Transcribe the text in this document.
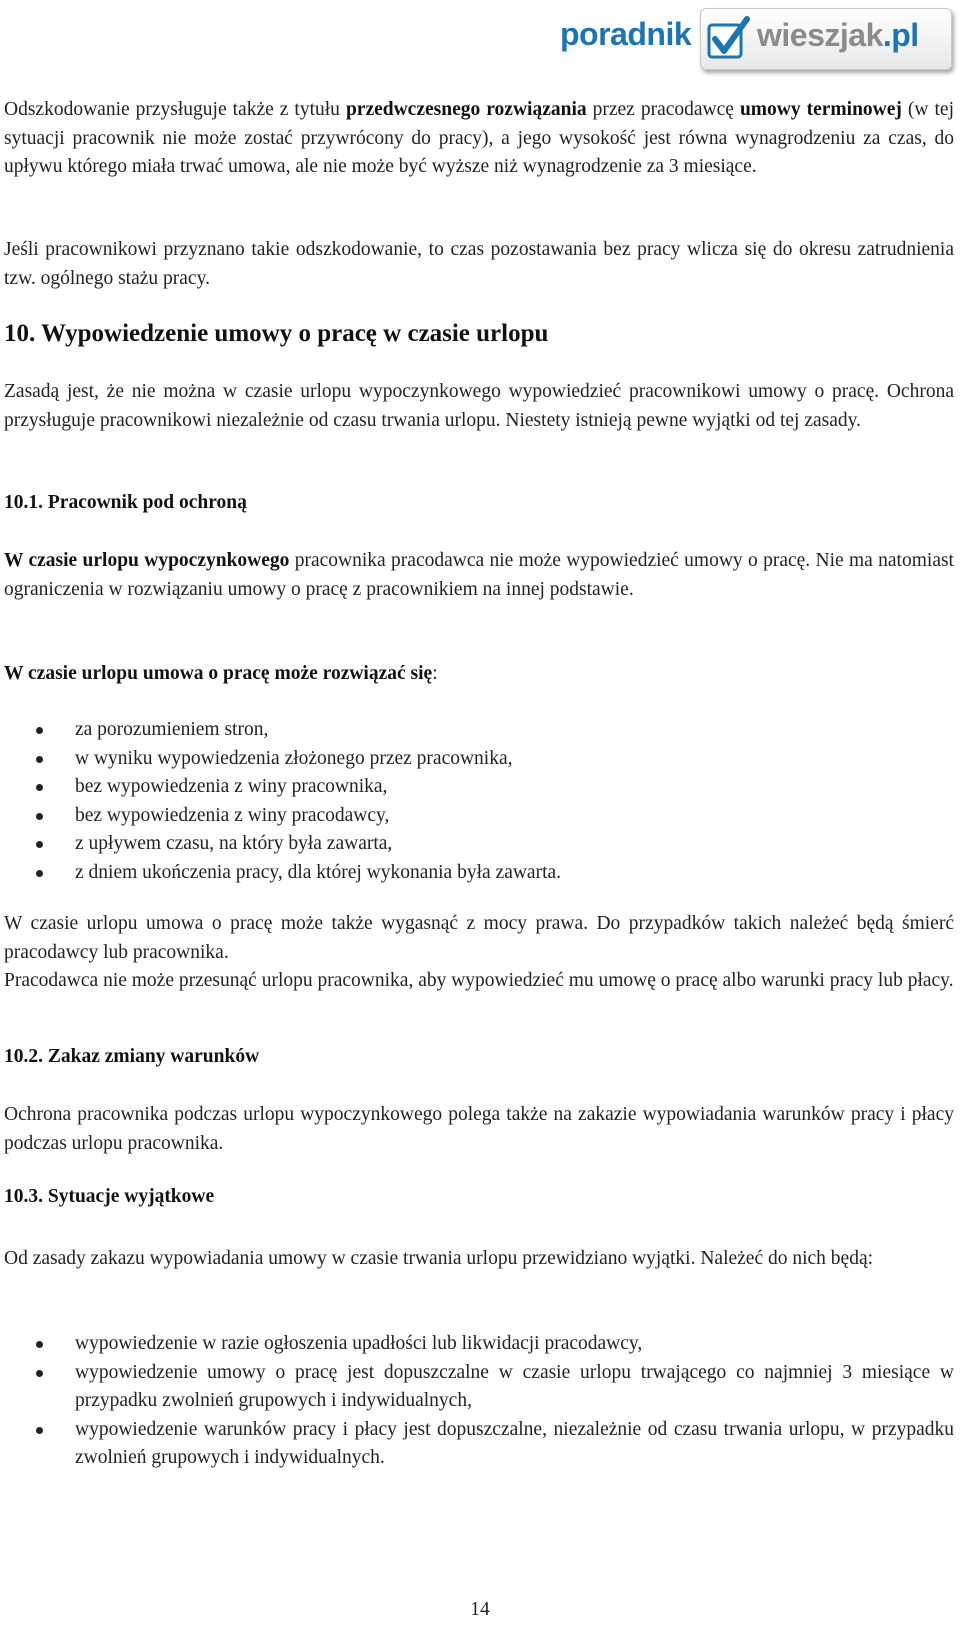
poradnik wieszjak.pl

Odszkodowanie przysługuje także z tytułu przedwczesnego rozwiązania przez pracodawcę umowy terminowej (w tej sytuacji pracownik nie może zostać przywrócony do pracy), a jego wysokość jest równa wynagrodzeniu za czas, do upływu którego miała trwać umowa, ale nie może być wyższe niż wynagrodzenie za 3 miesiące.

Jeśli pracownikowi przyznano takie odszkodowanie, to czas pozostawania bez pracy wlicza się do okresu zatrudnienia tzw. ogólnego stażu pracy.

10. Wypowiedzenie umowy o pracę w czasie urlopu

Zasadą jest, że nie można w czasie urlopu wypoczynkowego wypowiedzieć pracownikowi umowy o pracę. Ochrona przysługuje pracownikowi niezależnie od czasu trwania urlopu. Niestety istnieją pewne wyjątki od tej zasady.

10.1. Pracownik pod ochroną

W czasie urlopu wypoczynkowego pracownika pracodawca nie może wypowiedzieć umowy o pracę. Nie ma natomiast ograniczenia w rozwiązaniu umowy o pracę z pracownikiem na innej podstawie.

W czasie urlopu umowa o pracę może rozwiązać się:

za porozumieniem stron,
w wyniku wypowiedzenia złożonego przez pracownika,
bez wypowiedzenia z winy pracownika,
bez wypowiedzenia z winy pracodawcy,
z upływem czasu, na który była zawarta,
z dniem ukończenia pracy, dla której wykonania była zawarta.

W czasie urlopu umowa o pracę może także wygasnąć z mocy prawa. Do przypadków takich należeć będą śmierć pracodawcy lub pracownika.

Pracodawca nie może przesunąć urlopu pracownika, aby wypowiedzieć mu umowę o pracę albo warunki pracy lub płacy.

10.2. Zakaz zmiany warunków

Ochrona pracownika podczas urlopu wypoczynkowego polega także na zakazie wypowiadania warunków pracy i płacy podczas urlopu pracownika.

10.3. Sytuacje wyjątkowe

Od zasady zakazu wypowiadania umowy w czasie trwania urlopu przewidziano wyjątki. Należeć do nich będą:

wypowiedzenie w razie ogłoszenia upadłości lub likwidacji pracodawcy,
wypowiedzenie umowy o pracę jest dopuszczalne w czasie urlopu trwającego co najmniej 3 miesiące w przypadku zwolnień grupowych i indywidualnych,
wypowiedzenie warunków pracy i płacy jest dopuszczalne, niezależnie od czasu trwania urlopu, w przypadku zwolnień grupowych i indywidualnych.
14
